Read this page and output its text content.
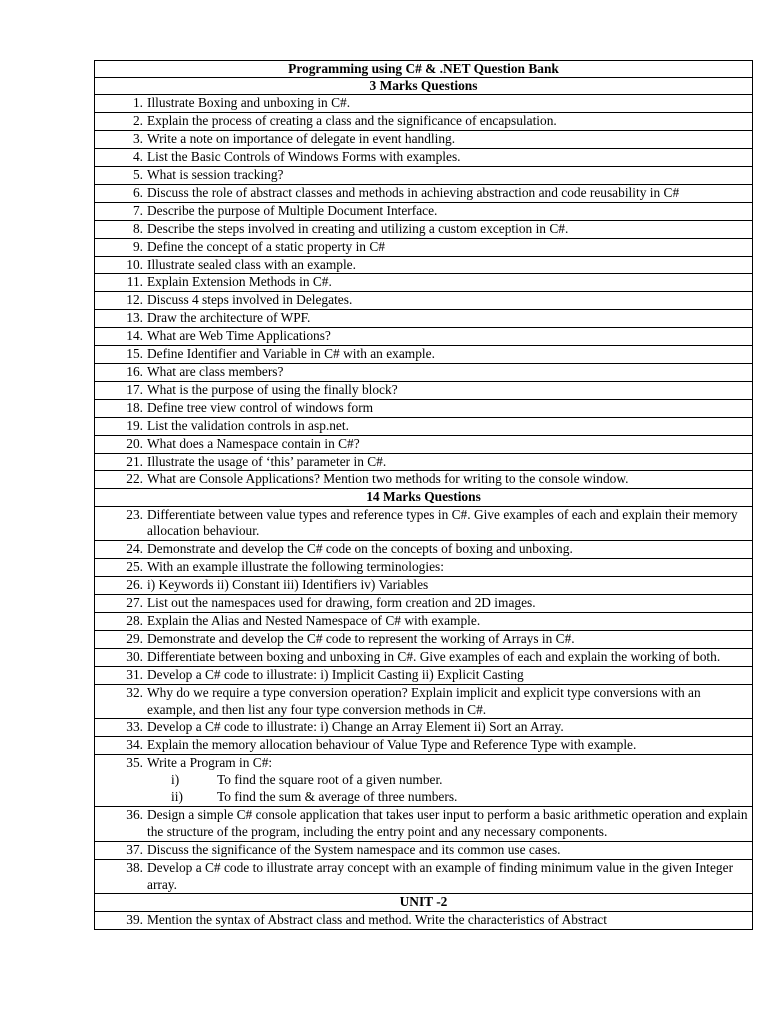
Programming using C# & .NET Question Bank
3 Marks Questions

1. Illustrate Boxing and unboxing in C#.

2. Explain the process of creating a class and the significance of encapsulation.

3. Write a note on importance of delegate in event handling.

4. List the Basic Controls of Windows Forms with examples.

5. What is session tracking?

6. Discuss the role of abstract classes and methods in achieving abstraction and code reusability in C#

7. Describe the purpose of Multiple Document Interface.

8. Describe the steps involved in creating and utilizing a custom exception in C#.

9. Define the concept of a static property in C#

10. Illustrate sealed class with an example.

11. Explain Extension Methods in C#.

12. Discuss 4 steps involved in Delegates.

13. Draw the architecture of WPF.

14. What are Web Time Applications?

15. Define Identifier and Variable in C# with an example.

16. What are class members?

17. What is the purpose of using the finally block?

18. Define tree view control of windows form

19. List the validation controls in asp.net.

20. What does a Namespace contain in C#?

21. Illustrate the usage of ‘this’ parameter in C#.

22. What are Console Applications? Mention two methods for writing to the console window.

14 Marks Questions

23. Differentiate between value types and reference types in C#. Give examples of each and explain their memory allocation behaviour.

24. Demonstrate and develop the C# code on the concepts of boxing and unboxing.

25. With an example illustrate the following terminologies:

26. i) Keywords ii) Constant iii) Identifiers iv) Variables

27. List out the namespaces used for drawing, form creation and 2D images.

28. Explain the Alias and Nested Namespace of C# with example.

29. Demonstrate and develop the C# code to represent the working of Arrays in C#.

30. Differentiate between boxing and unboxing in C#. Give examples of each and explain the working of both.

31. Develop a C# code to illustrate: i) Implicit Casting ii) Explicit Casting

32. Why do we require a type conversion operation? Explain implicit and explicit type conversions with an example, and then list any four type conversion methods in C#.

33. Develop a C# code to illustrate: i) Change an Array Element ii) Sort an Array.

34. Explain the memory allocation behaviour of Value Type and Reference Type with example.

35. Write a Program in C#:
i)	To find the square root of a given number.
ii)	To find the sum & average of three numbers.

36. Design a simple C# console application that takes user input to perform a basic arithmetic operation and explain the structure of the program, including the entry point and any necessary components.

37. Discuss the significance of the System namespace and its common use cases.

38. Develop a C# code to illustrate array concept with an example of finding minimum value in the given Integer array.

UNIT -2

39. Mention the syntax of Abstract class and method. Write the characteristics of Abstract
